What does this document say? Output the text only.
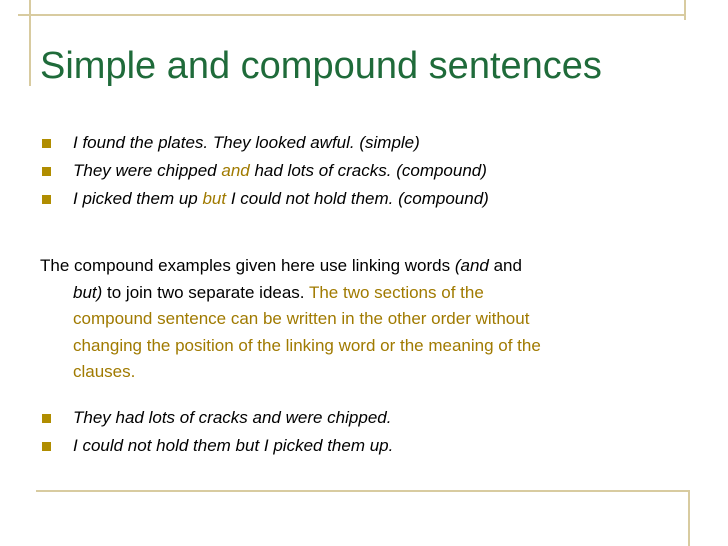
Simple and compound sentences
I found the plates. They looked awful. (simple)
They were chipped and had lots of cracks. (compound)
I picked them up but I could not hold them. (compound)
The compound examples given here use linking words (and and
but) to join two separate ideas. The two sections of the
compound sentence can be written in the other order without
changing the position of the linking word or the meaning of the
clauses.
They had lots of cracks and were chipped.
I could not hold them but I picked them up.
